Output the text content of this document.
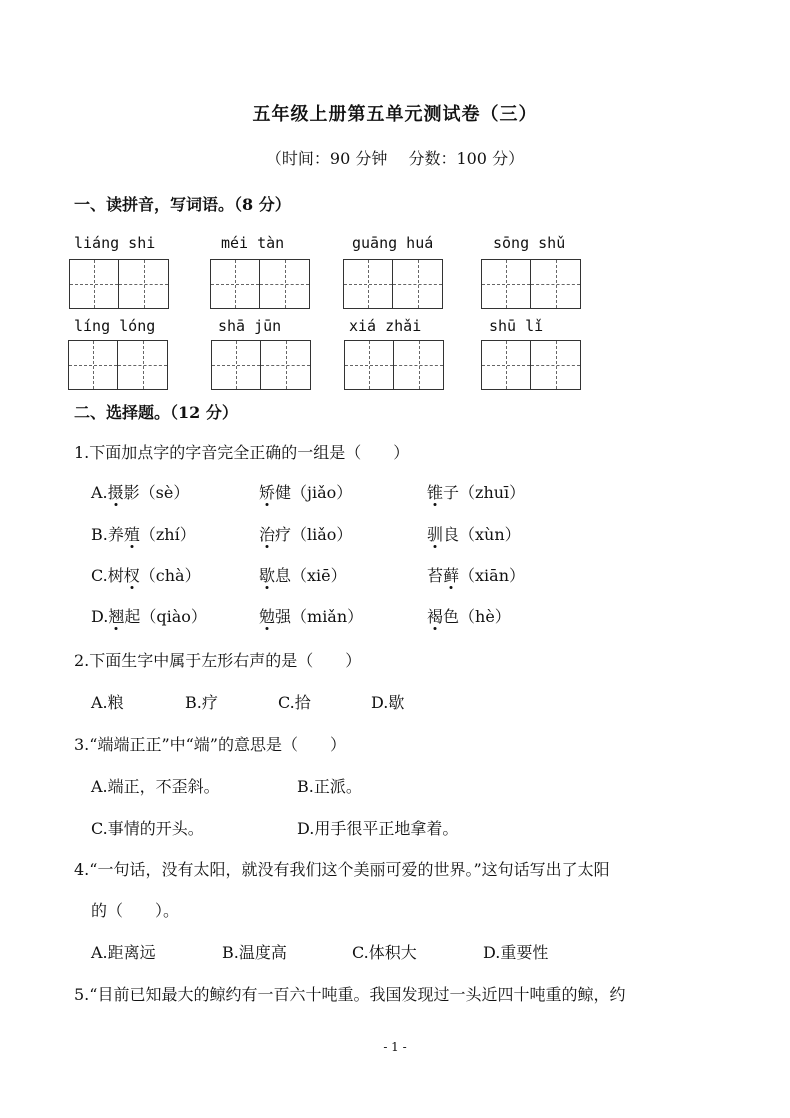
五年级上册第五单元测试卷（三）
（时间：90 分钟　 分数：100 分）
一、读拼音，写词语。（8 分）
liáng shi	méi tàn	guāng huá	sōng shǔ
líng lóng	shā jūn	xiá zhǎi	shū lǐ
二、选择题。（12 分）
1.下面加点字的字音完全正确的一组是（　　）
A.摄影（sè）	矫健（jiǎo）	锥子（zhuī）
B.养殖（zhí）	治疗（liǎo）	驯良（xùn）
C.树杈（chà）	歇息（xiē）	苔藓（xiān）
D.翘起（qiào）	勉强（miǎn）	褐色（hè）
2.下面生字中属于左形右声的是（　　）
A.粮	B.疗	C.拾	D.歇
3.“端端正正”中“端”的意思是（　　）
A.端正，不歪斜。	B.正派。
C.事情的开头。	D.用手很平正地拿着。
4.“一句话，没有太阳，就没有我们这个美丽可爱的世界。”这句话写出了太阳
的（　　）。
A.距离远	B.温度高	C.体积大	D.重要性
5.“目前已知最大的鲸约有一百六十吨重。我国发现过一头近四十吨重的鲸，约
- 1 -
